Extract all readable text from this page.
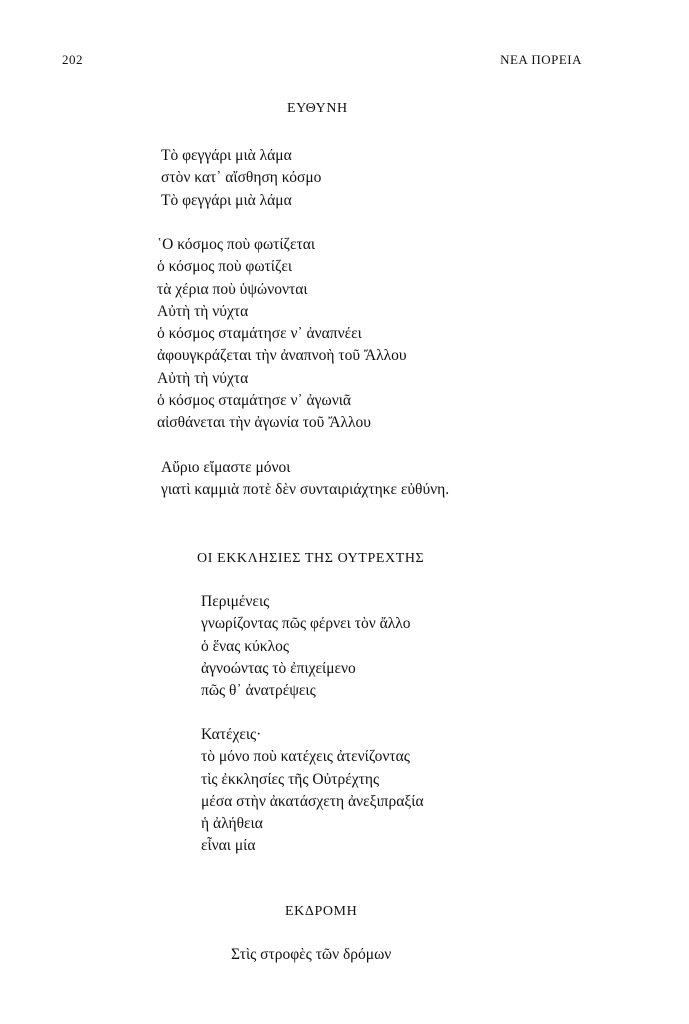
202	ΝΕΑ ΠΟΡΕΙΑ
ΕΥΘΥΝΗ
Τὸ φεγγάρι μιὰ λάμα
στὸν κατ᾽ αἴσθηση κόσμο
Τὸ φεγγάρι μιὰ λάμα
῾Ο κόσμος ποὺ φωτίζεται
ὁ κόσμος ποὺ φωτίζει
τὰ χέρια ποὺ ὑψώνονται
Αὐτὴ τὴ νύχτα
ὁ κόσμος σταμάτησε ν᾽ ἀναπνέει
ἀφουγκράζεται τὴν ἀναπνοὴ τοῦ Ἄλλου
Αὐτὴ τὴ νύχτα
ὁ κόσμος σταμάτησε ν᾽ ἀγωνιᾶ
αἰσθάνεται τὴν ἀγωνία τοῦ Ἄλλου
Αὔριο εἴμαστε μόνοι
γιατὶ καμμιὰ ποτὲ δὲν συνταιριάχτηκε εὐθύνη.
ΟΙ ΕΚΚΛΗΣΙΕΣ ΤΗΣ ΟΥΤΡΕΧΤΗΣ
Περιμένεις
γνωρίζοντας πῶς φέρνει τὸν ἄλλο
ὁ ἕνας κύκλος
ἀγνοώντας τὸ ἐπιχείμενο
πῶς θ᾽ ἀνατρέψεις
Κατέχεις·
τὸ μόνο ποὺ κατέχεις ἀτενίζοντας
τὶς ἐκκλησίες τῆς Οὐτρέχτης
μέσα στὴν ἀκατάσχετη ἀνεξιπραξία
ἡ ἀλήθεια
εἶναι μία
ΕΚΔΡΟΜΗ
Στὶς στροφὲς τῶν δρόμων
